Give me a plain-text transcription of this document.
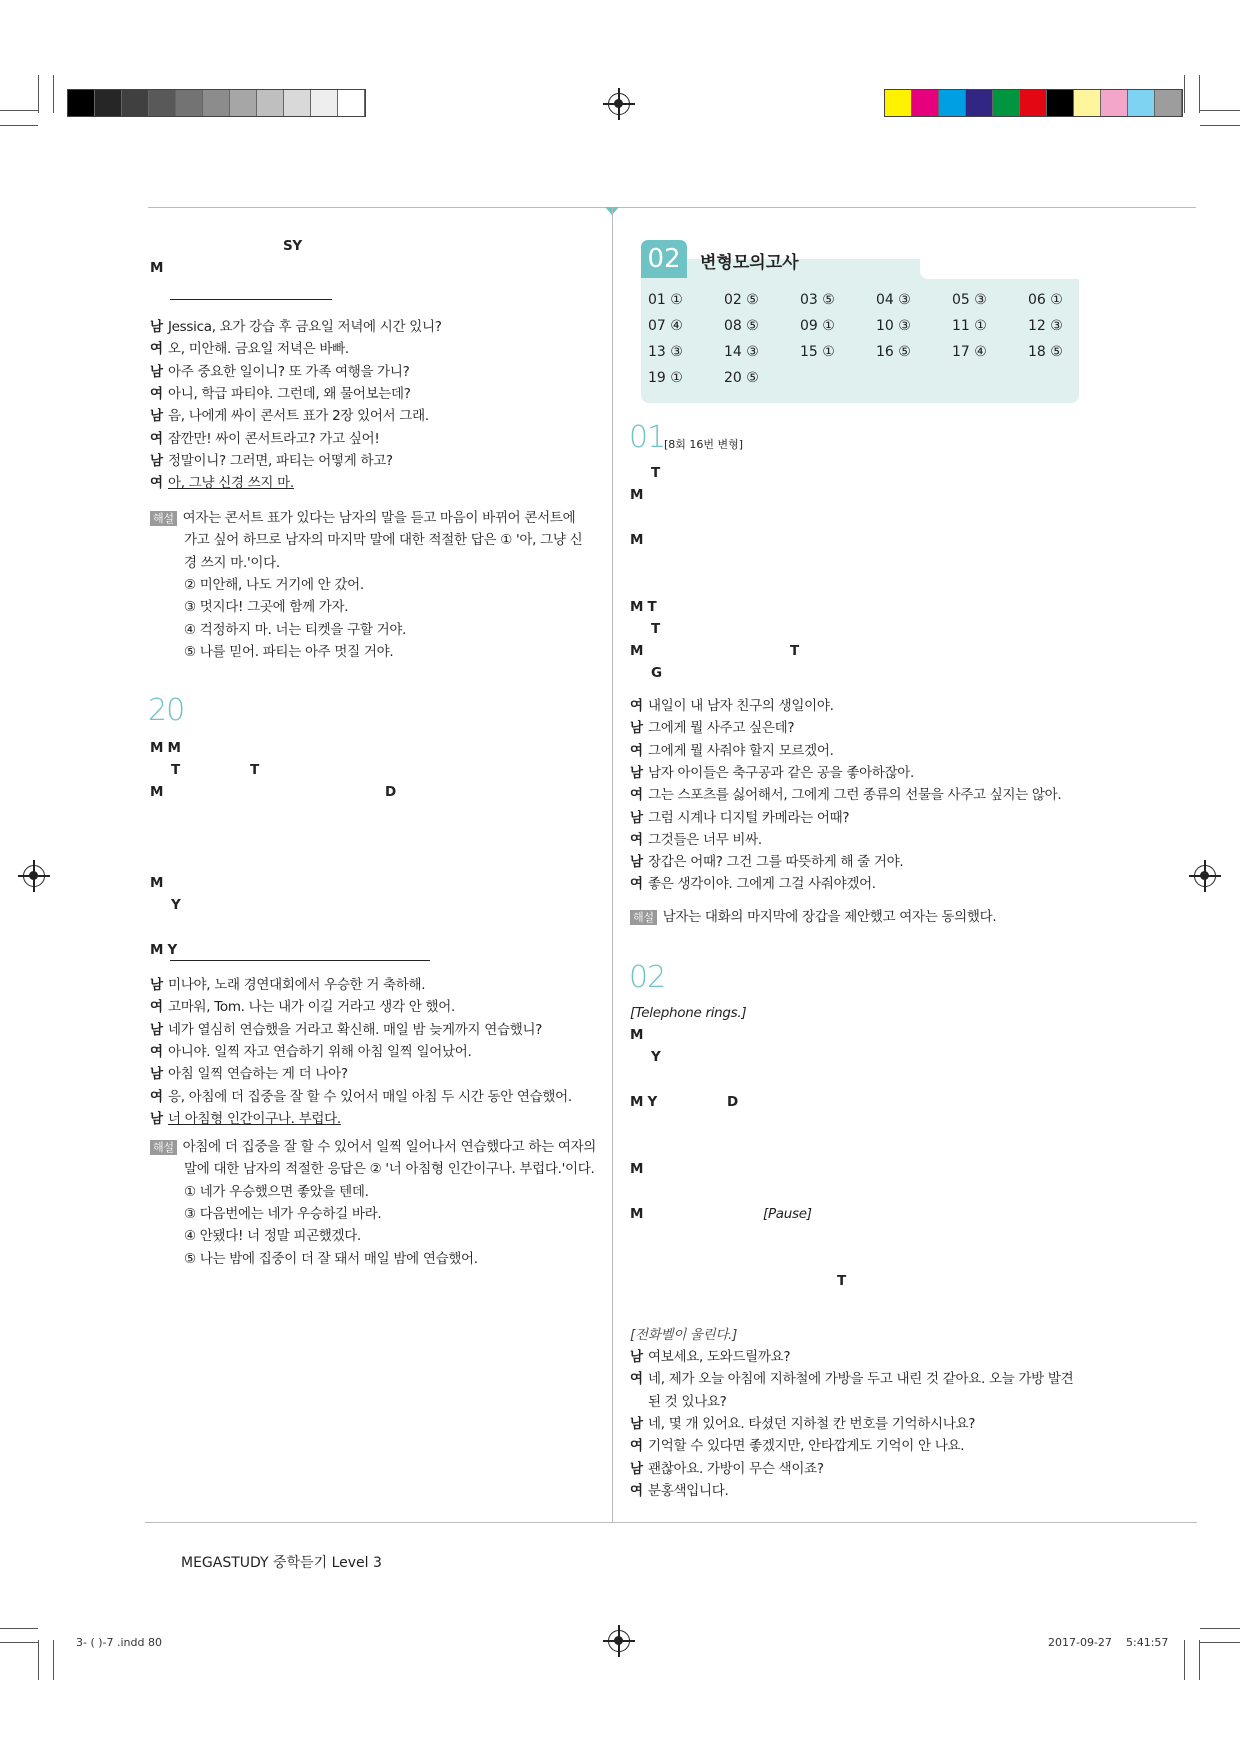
SY
M
남 Jessica, 요가 강습 후 금요일 저녁에 시간 있니?
여 오, 미안해. 금요일 저녁은 바빠.
남 아주 중요한 일이니? 또 가족 여행을 가니?
여 아니, 학급 파티야. 그런데, 왜 물어보는데?
남 음, 나에게 싸이 콘서트 표가 2장 있어서 그래.
여 잠깐만! 싸이 콘서트라고? 가고 싶어!
남 정말이니? 그러면, 파티는 어떻게 하고?
여 아, 그냥 신경 쓰지 마.
해설 여자는 콘서트 표가 있다는 남자의 말을 듣고 마음이 바뀌어 콘서트에
가고 싶어 하므로 남자의 마지막 말에 대한 적절한 답은 ① '아, 그냥 신
경 쓰지 마.'이다.
② 미안해, 나도 거기에 안 갔어.
③ 멋지다! 그곳에 함께 가자.
④ 걱정하지 마. 너는 티켓을 구할 거야.
⑤ 나를 믿어. 파티는 아주 멋질 거야.
20
M M
T	T
M	D
M
Y
M Y
남 미나야, 노래 경연대회에서 우승한 거 축하해.
여 고마워, Tom. 나는 내가 이길 거라고 생각 안 했어.
남 네가 열심히 연습했을 거라고 확신해. 매일 밤 늦게까지 연습했니?
여 아니야. 일찍 자고 연습하기 위해 아침 일찍 일어났어.
남 아침 일찍 연습하는 게 더 나아?
여 응, 아침에 더 집중을 잘 할 수 있어서 매일 아침 두 시간 동안 연습했어.
남 너 아침형 인간이구나. 부럽다.
해설 아침에 더 집중을 잘 할 수 있어서 일찍 일어나서 연습했다고 하는 여자의
말에 대한 남자의 적절한 응답은 ② '너 아침형 인간이구나. 부럽다.'이다.
① 네가 우승했으면 좋았을 텐데.
③ 다음번에는 네가 우승하길 바라.
④ 안됐다! 너 정말 피곤했겠다.
⑤ 나는 밤에 집중이 더 잘 돼서 매일 밤에 연습했어.
02	변형모의고사
01 ①	02 ⑤	03 ⑤	04 ③	05 ③	06 ①
07 ④	08 ⑤	09 ①	10 ③	11 ①	12 ③
13 ③	14 ③	15 ①	16 ⑤	17 ④	18 ⑤
19 ①	20 ⑤
01
[8회 16번 변형]
T
M
M
M T
T
M	T
G
여 내일이 내 남자 친구의 생일이야.
남 그에게 뭘 사주고 싶은데?
여 그에게 뭘 사줘야 할지 모르겠어.
남 남자 아이들은 축구공과 같은 공을 좋아하잖아.
여 그는 스포츠를 싫어해서, 그에게 그런 종류의 선물을 사주고 싶지는 않아.
남 그럼 시계나 디지털 카메라는 어때?
여 그것들은 너무 비싸.
남 장갑은 어때? 그건 그를 따뜻하게 해 줄 거야.
여 좋은 생각이야. 그에게 그걸 사줘야겠어.
해설 남자는 대화의 마지막에 장갑을 제안했고 여자는 동의했다.
02
[Telephone rings.]
M
Y
M Y	D
M
M	[Pause]
T
[전화벨이 울린다.]
남 여보세요, 도와드릴까요?
여 네, 제가 오늘 아침에 지하철에 가방을 두고 내린 것 같아요. 오늘 가방 발견
된 것 있나요?
남 네, 몇 개 있어요. 타셨던 지하철 칸 번호를 기억하시나요?
여 기억할 수 있다면 좋겠지만, 안타깝게도 기억이 안 나요.
남 괜찮아요. 가방이 무슨 색이죠?
여 분홍색입니다.
MEGASTUDY 중학듣기 Level 3
3- ( )-7 .indd 80	2017-09-27 5:41:57
